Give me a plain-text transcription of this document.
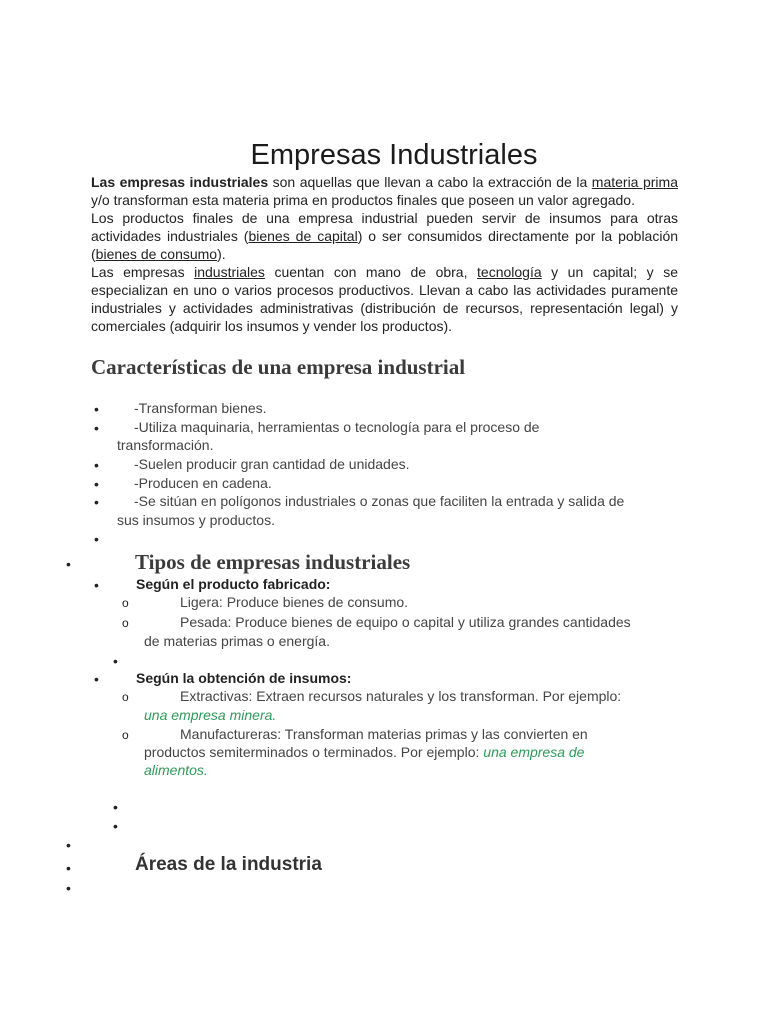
Empresas Industriales

Las empresas industriales son aquellas que llevan a cabo la extracción de la materia prima y/o transforman esta materia prima en productos finales que poseen un valor agregado.

Los productos finales de una empresa industrial pueden servir de insumos para otras actividades industriales (bienes de capital) o ser consumidos directamente por la población (bienes de consumo).

Las empresas industriales cuentan con mano de obra, tecnología y un capital; y se especializan en uno o varios procesos productivos. Llevan a cabo las actividades puramente industriales y actividades administrativas (distribución de recursos, representación legal) y comerciales (adquirir los insumos y vender los productos).

Características de una empresa industrial
•	-Transforman bienes.
•	-Utiliza maquinaria, herramientas o tecnología para el proceso de
transformación.
•	-Suelen producir gran cantidad de unidades.
•	-Producen en cadena.
•	-Se sitúan en polígonos industriales o zonas que faciliten la entrada y salida de
sus insumos y productos.
•
•	Tipos de empresas industriales
•	Según el producto fabricado:
o	Ligera: Produce bienes de consumo.
o	Pesada: Produce bienes de equipo o capital y utiliza grandes cantidades
de materias primas o energía.
•
•	Según la obtención de insumos:
o	Extractivas: Extraen recursos naturales y los transforman. Por ejemplo:
una empresa minera.
o	Manufactureras: Transforman materias primas y las convierten en
productos semiterminados o terminados. Por ejemplo: una empresa de
alimentos.
•
•
•
•	Áreas de la industria
•
